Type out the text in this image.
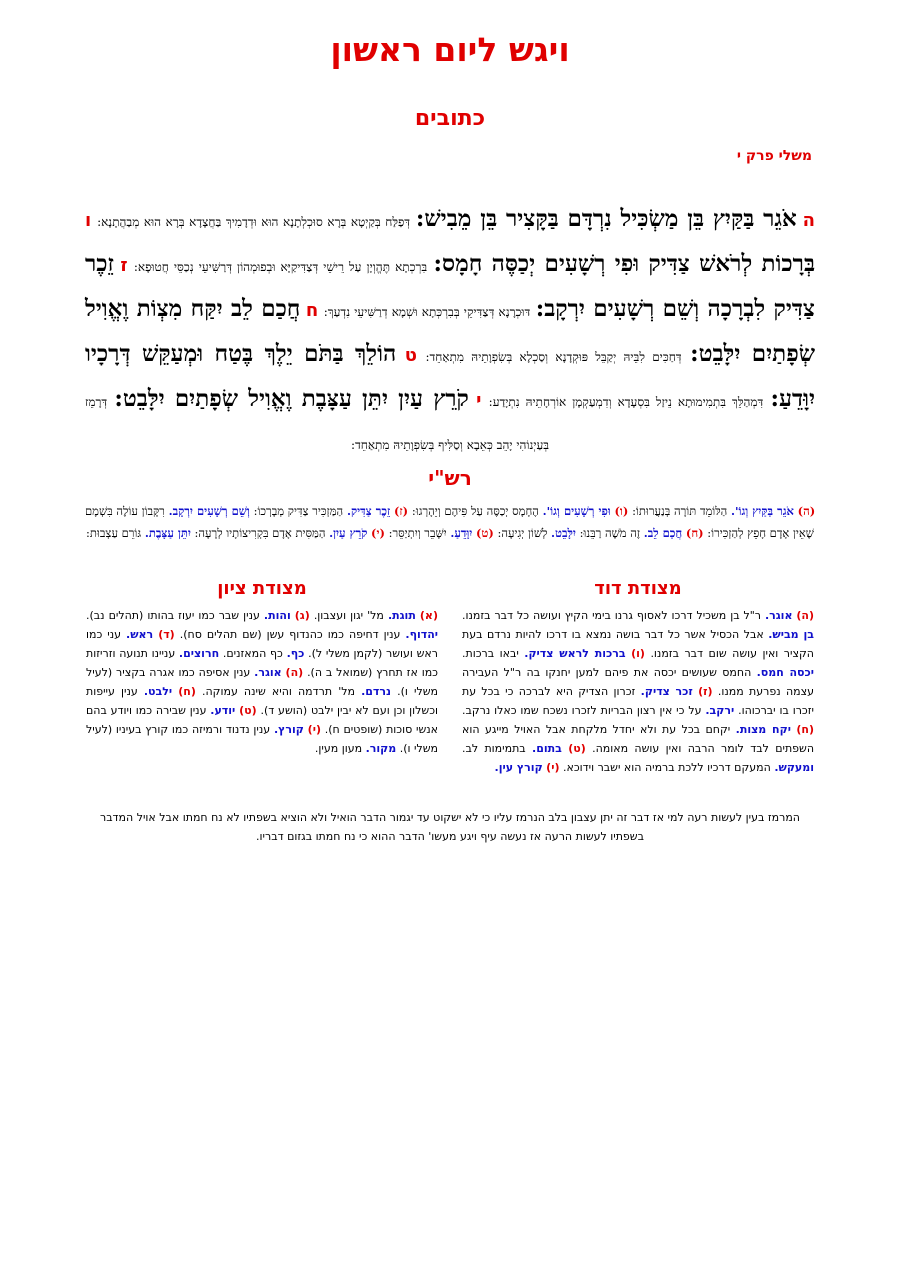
ויגש ליום ראשון
כתובים
משלי פרק י
ה אֹגֵר בַּקַּיִץ בֵּן מַשְׂכִּיל נִרְדָּם בַּקָּצִיר בֵּן מֵבִישׁ: דְּפַלַּח בְּקַיְטָא בְּרָא סוּכְלְתָנָא הוּא וּדְדָמִיךְ בַּחֲצָדָא בְּרָא הוּא מְבַהֲתָנָא: ו בְּרָכוֹת לְרֹאשׁ צַדִּיק וּפִי רְשָׁעִים יְכַסֶּה חָמָס: בִּרְכְתָא תֶּהֱוְיָן עַל רֵישֵׁי דְּצַדִּיקַיָּא וּבְפוּמְהוֹן דְּרַשִּׁיעֵי נְכַסֵּי חֲטוּפָא: ז זֵכֶר צַדִּיק לִבְרָכָה וְשֵׁם רְשָׁעִים יִרְקָב: דּוּכְרָנָא דְּצַדִּיקֵי בְּבִרְכְּתָא וּשְׁמָא דְרַשִּׁיעֵי נִדְעַךְ: ח חֲכַם לֵב יִקַּח מִצְוֹת וֶאֱוִיל שְׂפָתַיִם יִלָּבֵט: דְּחַכִּים לִבֵּיהּ יְקַבֵּל פּוּקְדָנָא וְסַכְלָא בְּשִׂפְוָתֵיהּ מִתְאַחֵד: ט הוֹלֵךְ בַּתֹּם יֵלֶךְ בֶּטַח וּמְעַקֵּשׁ דְּרָכָיו יִוָּדֵעַ: דִּמְהַלֵּךְ בִּתְמִימוּתָא נֵיזַל בִּסְעָדָא וְדִמְעַקְמָן אוֹרְחָתֵיהּ נִתְיָדַע: י קֹרֵץ עַיִן יִתֵּן עַצָּבֶת וֶאֱוִיל שְׂפָתַיִם יִלָּבֵט: דְּרָמֵז בְּעַיְנוֹהִי יָהֵב כְּאֵבָא וְסַלִּיף בְּשִׂפְוָתֵיהּ מִתְאַחֵד:
רש"י
(ה) אֹגֵר בַּקַּיִץ וְגוֹ'. הַלּוֹמֵד תּוֹרָה בְּנַעֲרוּתוֹ: (ו) וּפִי רְשָׁעִים וְגוֹ'. הֶחָמָס יְכַסֶּה עַל פִּיהֶם וְיֵהָרְגוּ: (ז) זֵכֶר צַדִּיק. הַמַּזְכִּיר צַדִּיק מְבָרְכוֹ: וְשֵׁם רְשָׁעִים יִרְקָב. רִקָּבוֹן עוֹלֶה בִּשְׁמָם שֶׁאֵין אָדָם חָפֵץ לְהַזְכִּירוֹ: (ח) חֲכַם לֵב. זֶה מֹשֶׁה רַבֵּנוּ: יִלָּבֵט. לְשׁוֹן יְגִיעָה: (ט) יִוָּדֵעַ. יִשָּׁבֵר וְיִתְיַסֵּר: (י) קֹרֵץ עַיִן. הַמַּסִּית אָדָם בִּקְרִיצוֹתָיו לְרָעָה: יִתֵּן עַצָּבֶת. גּוֹרֵם עַצְבוּת:
מצודת דוד
מצודת ציון
(ה) אוגר. ר"ל בן משכיל דרכו לאסוף גרנו בימי הקיץ ועושה כל דבר בזמנו. בן מביש. אבל הכסיל אשר כל דבר בושה נמצא בו דרכו להיות נרדם בעת הקציר ואין עושה שום דבר בזמנו. (ו) ברכות לראש צדיק. יבאו ברכות. יכסה חמס. החמס שעושים יכסה את פיהם למען יחנקו בה ר"ל העבירה עצמה נפרעת ממנו. (ז) זכר צדיק. זכרון הצדיק היא לברכה כי בכל עת יזכרו בו יברכוהו. ירקב. על כי אין רצון הבריות לזכרו נשכח שמו כאלו נרקב. (ח) יקח מצות. יקחם בכל עת ולא יחדל מלקחת אבל האויל מייגע הוא השפתים לבד לומר הרבה ואין עושה מאומה. (ט) בתום. בתמימות לב. ומעקש. המעקם דרכיו ללכת ברמיה הוא ישבר וידוכא. (י) קורץ עין.
(א) תוגת. מל' יגון ועצבון. (ג) והות. ענין שבר כמו יעוז בהותו (תהלים נב). יהדוף. ענין דחיפה כמו כהנדוף עשן (שם תהלים סח). (ד) ראש. עני כמו ראש ועושר (לקמן משלי ל). כף. כף המאזנים. חרוצים. עניינו תנועה וזריזות כמו אז תחרץ (שמואל ב ה). (ה) אוגר. ענין אסיפה כמו אגרה בקציר (לעיל משלי ו). נרדם. מל' תרדמה והיא שינה עמוקה. (ח) ילבט. ענין עייפות וכשלון וכן ועם לא יבין ילבט (הושע ד). (ט) יודע. ענין שבירה כמו ויודע בהם אנשי סוכות (שופטים ח). (י) קורץ. ענין נדנוד ורמיזה כמו קורץ בעיניו (לעיל משלי ו). מקור. מעון מעין.
המרמז בעין לעשות רעה למי אז דבר זה יתן עצבון בלב הנרמז עליו כי לא ישקוט עד יגמור הדבר הואיל ולא הוציא בשפתיו לא נח חמתו אבל אויל המדבר בשפתיו לעשות הרעה אז נעשה עיף ויגע מעשו' הדבר ההוא כי נח חמתו בגזום דבריו.
